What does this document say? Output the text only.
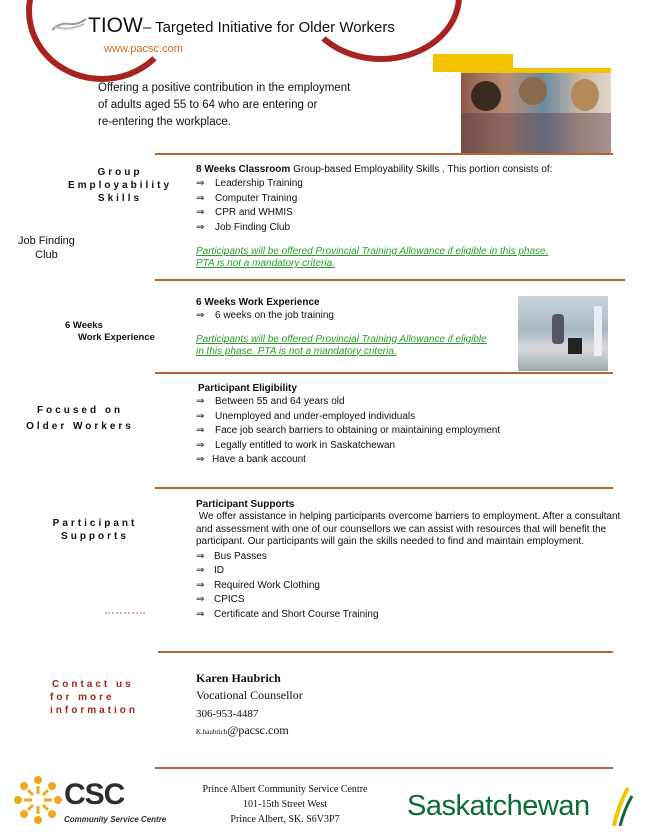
TIOW– Targeted Initiative for Older Workers
www.pacsc.com
Offering a positive contribution in the employment
of adults aged 55 to 64 who are entering or
re-entering the workplace.
Group
Employability
Skills
Job Finding
Club
8 Weeks Classroom Group-based Employability Skills . This portion consists of:
⇒ Leadership Training
⇒ Computer Training
⇒ CPR and WHMIS
⇒ Job Finding Club
Participants will be offered Provincial Training Allowance if eligible in this phase.
PTA is not a mandatory criteria.
6 Weeks
Work Experience
6 Weeks Work Experience
⇒ 6 weeks on the job training
Participants will be offered Provincial Training Allowance if eligible
in this phase. PTA is not a mandatory criteria.
Focused on
Older Workers
Participant Eligibility
⇒ Between 55 and 64 years old
⇒ Unemployed and under-employed individuals
⇒ Face job search barriers to obtaining or maintaining employment
⇒ Legally entitled to work in Saskatchewan
⇒ Have a bank account
Participant
Supports
Participant Supports
We offer assistance in helping participants overcome barriers to employment. After a consultant
and assessment with one of our counsellors we can assist with resources that will benefit the
participant. Our participants will gain the skills needed to find and maintain employment.
⇒ Bus Passes
⇒ ID
⇒ Required Work Clothing
⇒ CPICS
⇒ Certificate and Short Course Training
Contact us
for more
information
Karen Haubrich
Vocational Counsellor
306-953-4487
K.haubrich@pacsc.com
CSC
Community Service Centre
Prince Albert Community Service Centre
101-15th Street West
Prince Albert, SK. S6V3P7	Saskatchewan
